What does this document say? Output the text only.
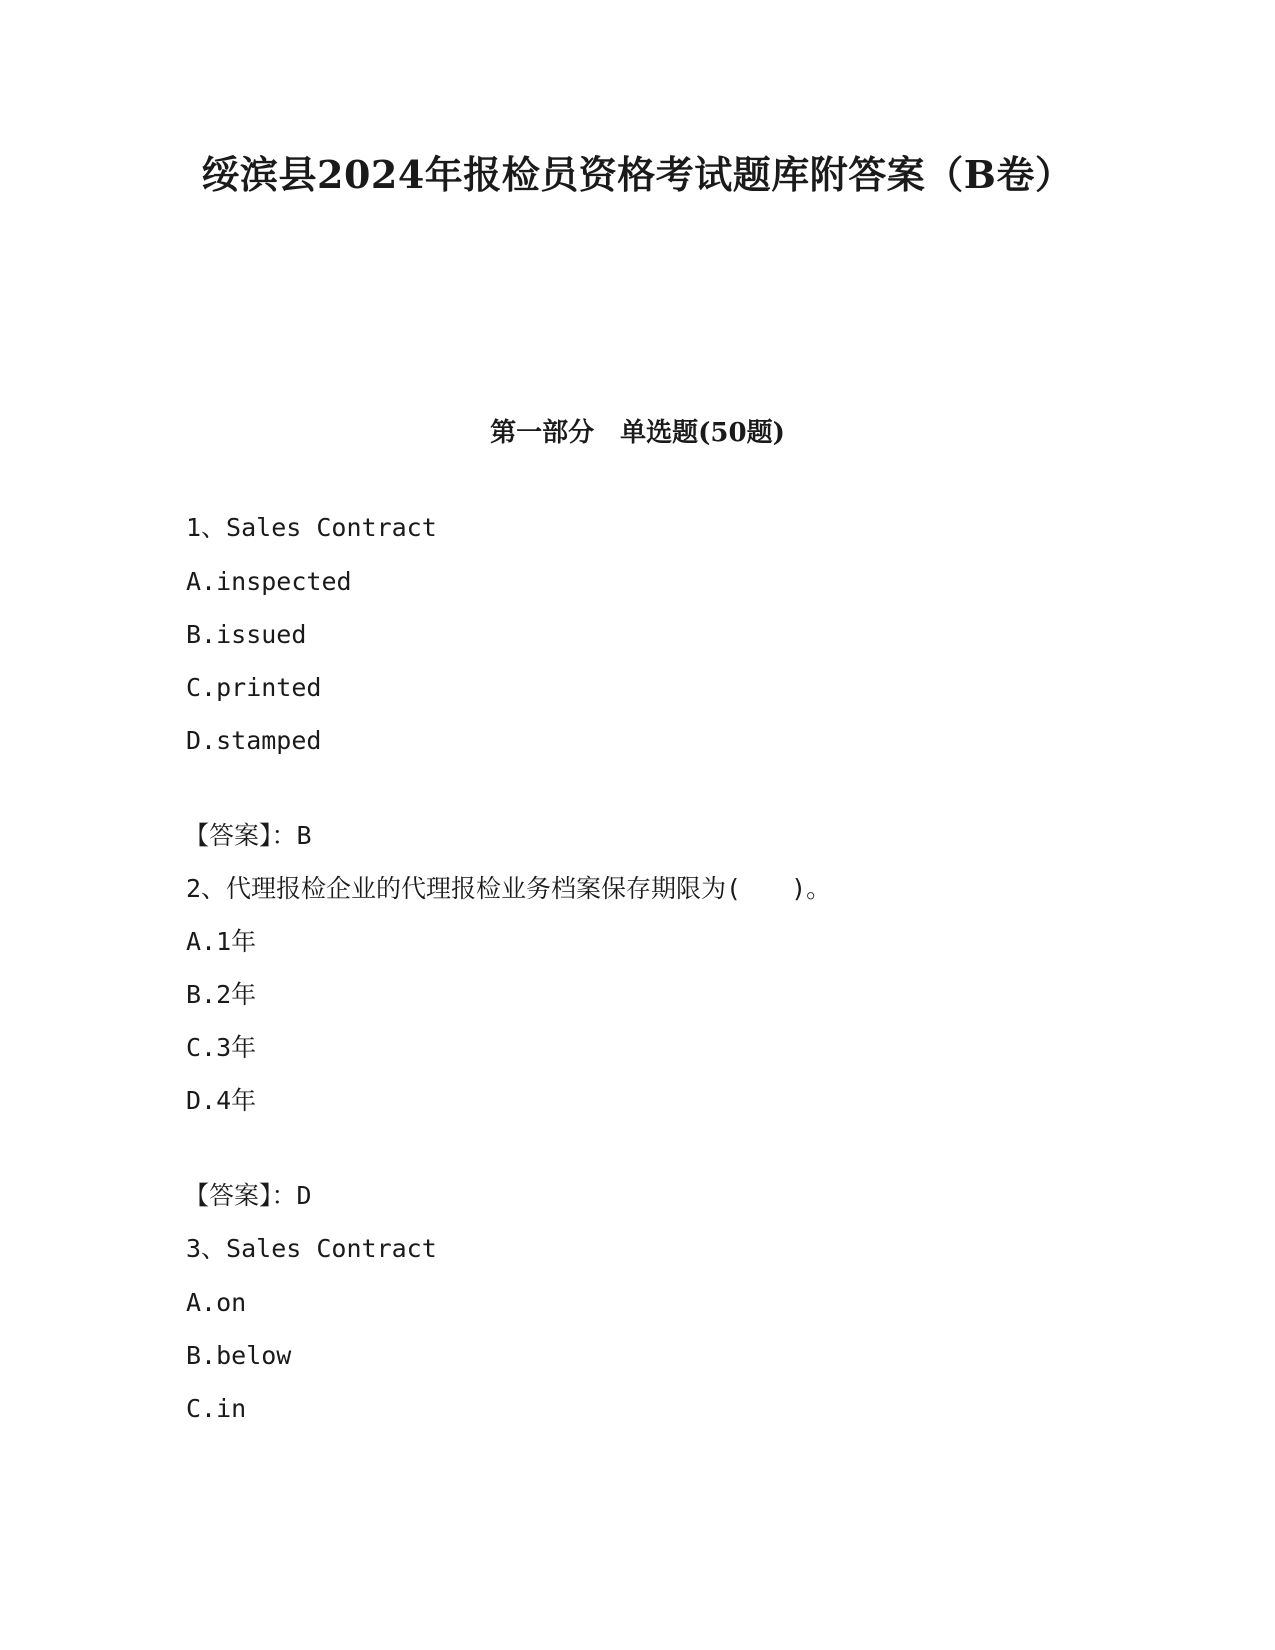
绥滨县2024年报检员资格考试题库附答案（B卷）
第一部分　单选题(50题)

1、Sales Contract

A.inspected

B.issued

C.printed

D.stamped

【答案】：B

2、代理报检企业的代理报检业务档案保存期限为(　　)。

A.1年

B.2年

C.3年

D.4年

【答案】：D

3、Sales Contract

A.on

B.below

C.in
